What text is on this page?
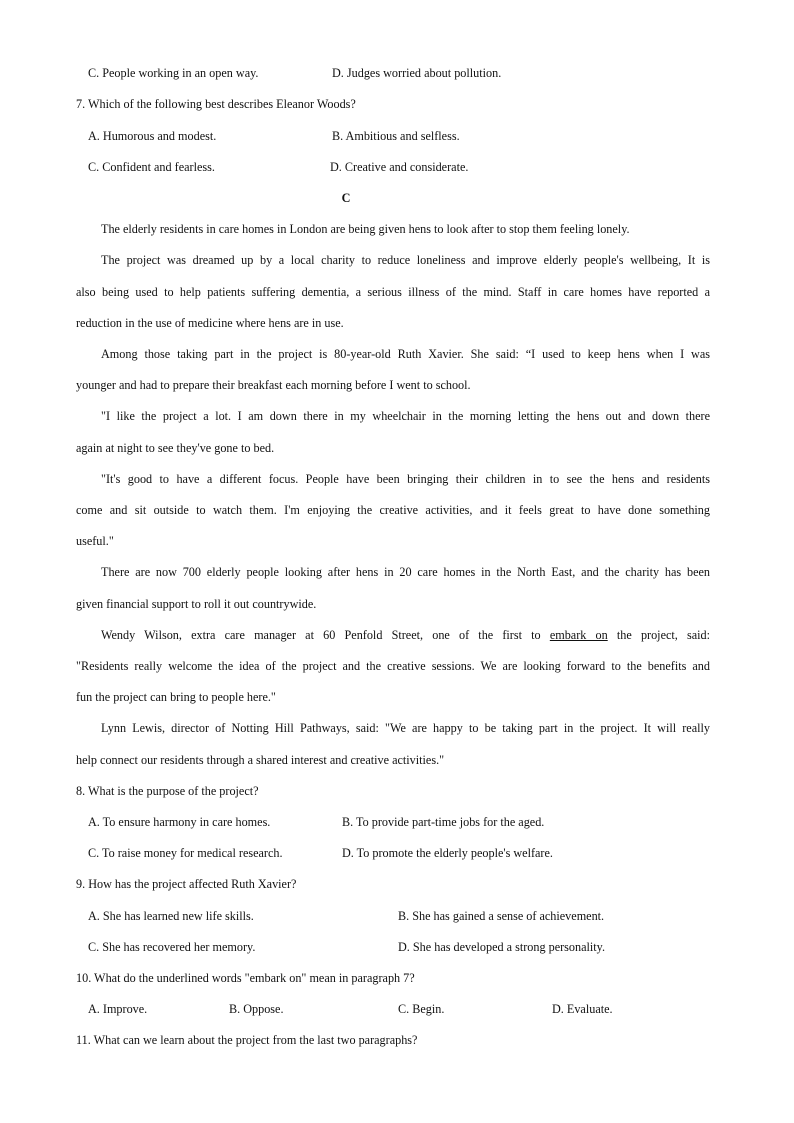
C. People working in an open way.	D. Judges worried about pollution.
7. Which of the following best describes Eleanor Woods?
A. Humorous and modest.	B. Ambitious and selfless.
C. Confident and fearless.	D. Creative and considerate.
C
The elderly residents in care homes in London are being given hens to look after to stop them feeling lonely.
The project was dreamed up by a local charity to reduce loneliness and improve elderly people's wellbeing, It is
also being used to help patients suffering dementia, a serious illness of the mind. Staff in care homes have reported a
reduction in the use of medicine where hens are in use.
Among those taking part in the project is 80-year-old Ruth Xavier. She said: “I used to keep hens when I was
younger and had to prepare their breakfast each morning before I went to school.
"I like the project a lot. I am down there in my wheelchair in the morning letting the hens out and down there
again at night to see they've gone to bed.
"It's good to have a different focus. People have been bringing their children in to see the hens and residents
come and sit outside to watch them. I'm enjoying the creative activities, and it feels great to have done something
useful."
There are now 700 elderly people looking after hens in 20 care homes in the North East, and the charity has been
given financial support to roll it out countrywide.
Wendy Wilson, extra care manager at 60 Penfold Street, one of the first to embark on the project, said:
"Residents really welcome the idea of the project and the creative sessions. We are looking forward to the benefits and
fun the project can bring to people here."
Lynn Lewis, director of Notting Hill Pathways, said: "We are happy to be taking part in the project. It will really
help connect our residents through a shared interest and creative activities."
8. What is the purpose of the project?
A. To ensure harmony in care homes.	B. To provide part-time jobs for the aged.
C. To raise money for medical research.	D. To promote the elderly people's welfare.
9. How has the project affected Ruth Xavier?
A. She has learned new life skills.	B. She has gained a sense of achievement.
C. She has recovered her memory.	D. She has developed a strong personality.
10. What do the underlined words "embark on" mean in paragraph 7?
A. Improve.	B. Oppose.	C. Begin.	D. Evaluate.
11. What can we learn about the project from the last two paragraphs?
